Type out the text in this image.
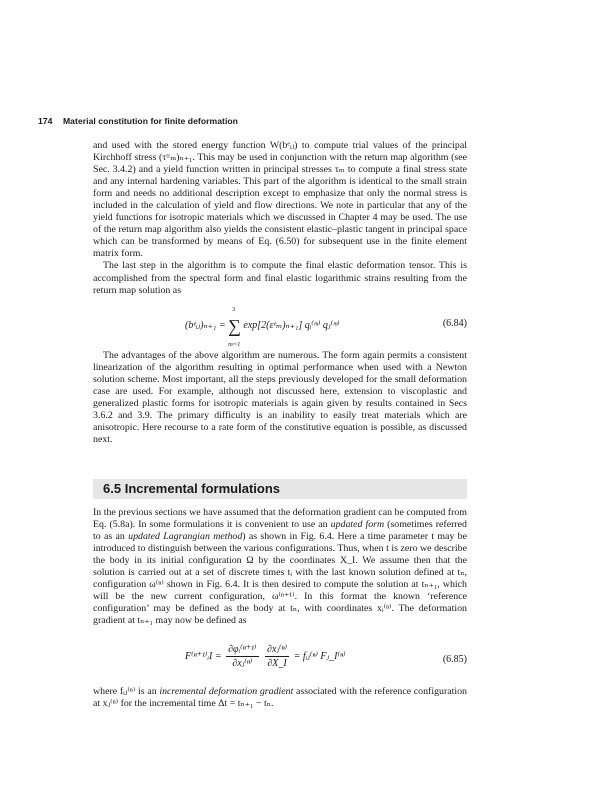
174 Material constitution for finite deformation

and used with the stored energy function W(bᵉᵢⱼ) to compute trial values of the principal Kirchhoff stress (τᵗʳₘ)ₙ₊₁. This may be used in conjunction with the return map algorithm (see Sec. 3.4.2) and a yield function written in principal stresses τₘ to compute a final stress state and any internal hardening variables. This part of the algorithm is identical to the small strain form and needs no additional description except to emphasize that only the normal stress is included in the calculation of yield and flow directions. We note in particular that any of the yield functions for isotropic materials which we discussed in Chapter 4 may be used. The use of the return map algorithm also yields the consistent elastic–plastic tangent in principal space which can be transformed by means of Eq. (6.50) for subsequent use in the finite element matrix form.

The last step in the algorithm is to compute the final elastic deformation tensor. This is accomplished from the spectral form and final elastic logarithmic strains resulting from the return map solution as

(bᵉᵢⱼ)ₙ₊₁ = ∑
3
m=1
exp[2(εᵉₘ)ₙ₊₁] qᵢ⁽ᵐ⁾ qⱼ⁽ᵐ⁾	(6.84)

The advantages of the above algorithm are numerous. The form again permits a consistent linearization of the algorithm resulting in optimal performance when used with a Newton solution scheme. Most important, all the steps previously developed for the small deformation case are used. For example, although not discussed here, extension to viscoplastic and generalized plastic forms for isotropic materials is again given by results contained in Secs 3.6.2 and 3.9. The primary difficulty is an inability to easily treat materials which are anisotropic. Here recourse to a rate form of the constitutive equation is possible, as discussed next.

6.5 Incremental formulations

In the previous sections we have assumed that the deformation gradient can be computed from Eq. (5.8a). In some formulations it is convenient to use an updated form (sometimes referred to as an updated Lagrangian method) as shown in Fig. 6.4. Here a time parameter t may be introduced to distinguish between the various configurations. Thus, when t is zero we describe the body in its initial configuration Ω by the coordinates X_I. We assume then that the solution is carried out at a set of discrete times tᵢ with the last known solution defined at tₙ, configuration ω⁽ⁿ⁾ shown in Fig. 6.4. It is then desired to compute the solution at tₙ₊₁, which will be the new current configuration, ω⁽ⁿ⁺¹⁾. In this format the known ‘reference configuration’ may be defined as the body at tₙ, with coordinates xᵢ⁽ⁿ⁾. The deformation gradient at tₙ₊₁ may now be defined as

F⁽ⁿ⁺¹⁾ᵢI = $\frac{\text{∂φᵢ⁽ⁿ⁺¹⁾}}{\text{∂xⱼ⁽ⁿ⁾}}$
$\frac{\text{∂xⱼ⁽ⁿ⁾}}{\partial X\_I}$ = fᵢⱼ⁽ⁿ⁾ Fⱼ_I⁽ⁿ⁾	(6.85)

where fᵢⱼ⁽ⁿ⁾ is an incremental deformation gradient associated with the reference configuration at xⱼ⁽ⁿ⁾ for the incremental time Δt = tₙ₊₁ − tₙ.
